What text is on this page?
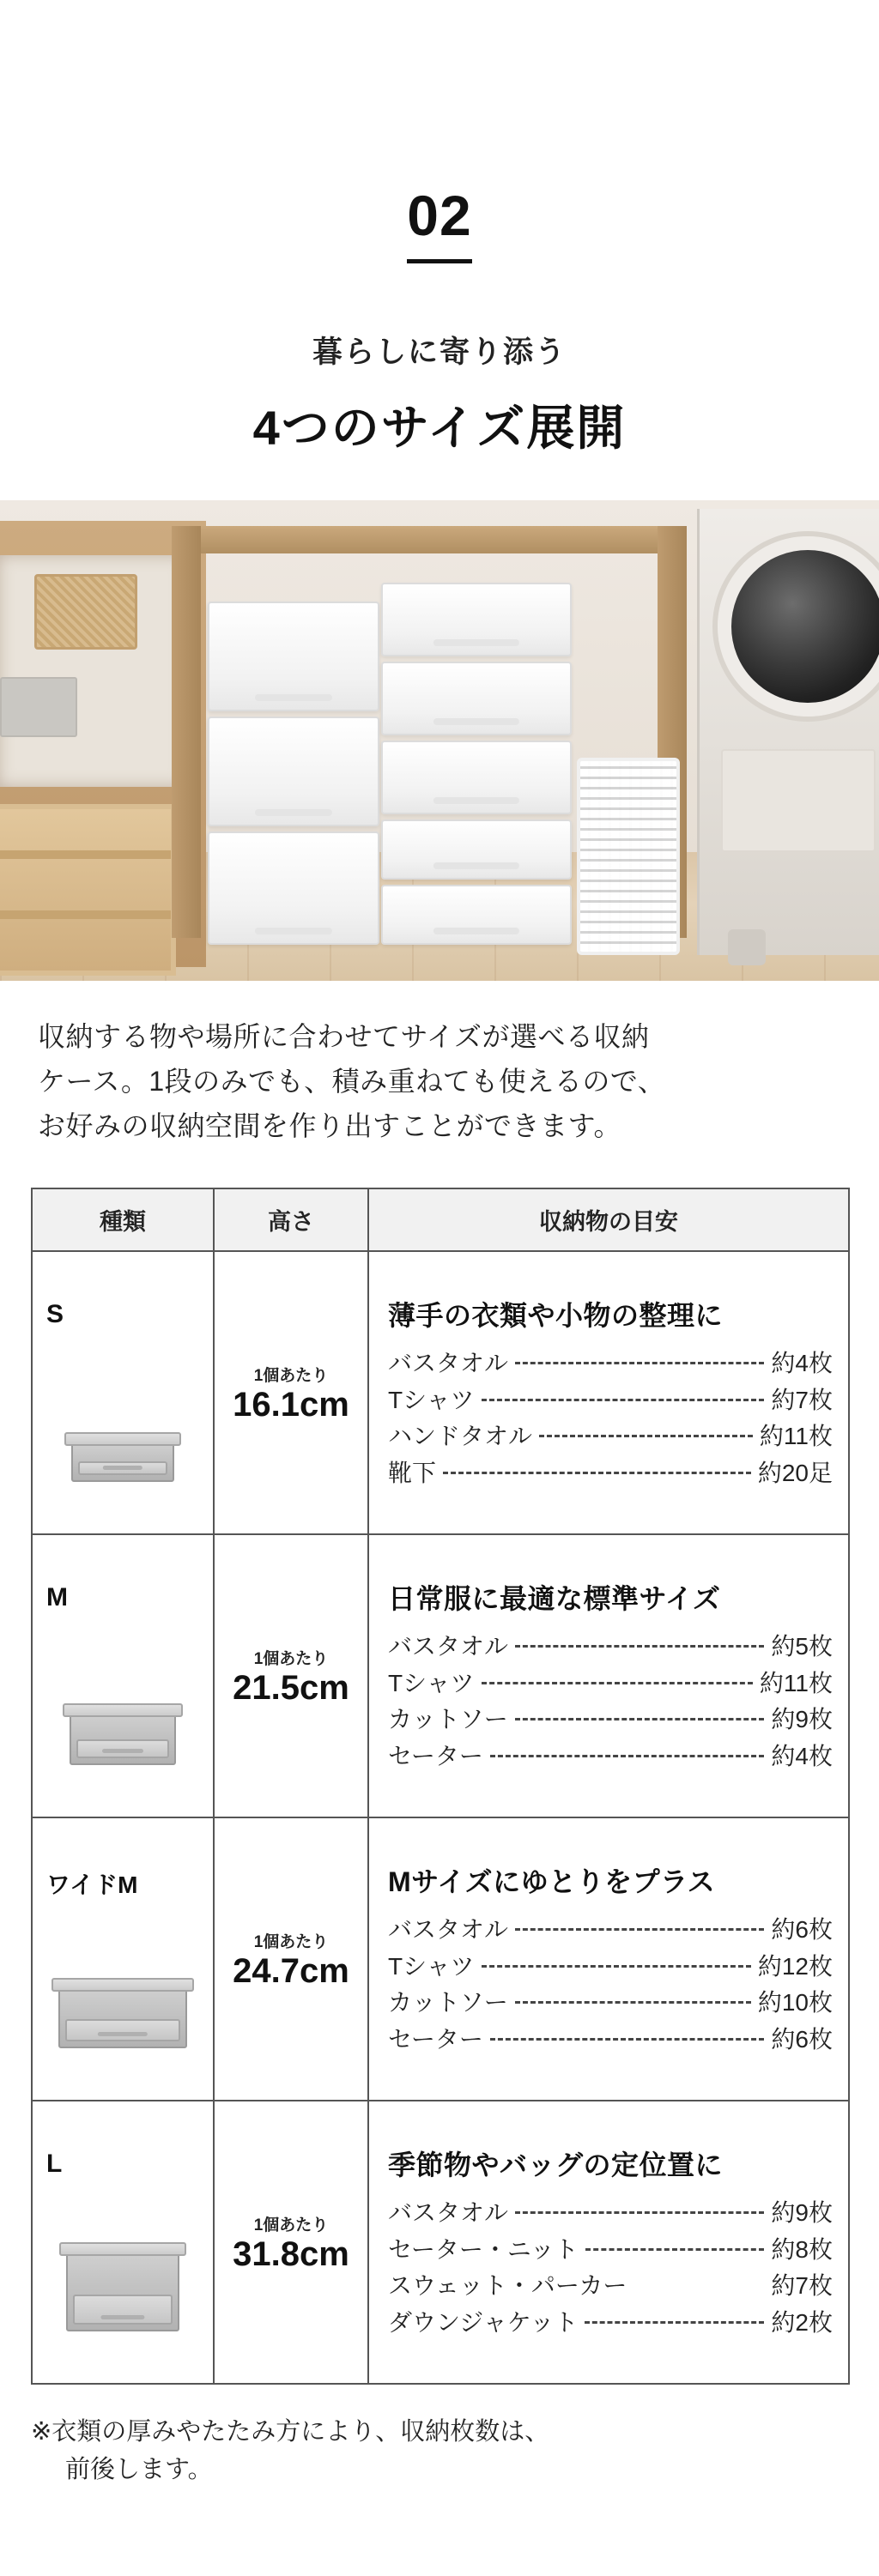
02
暮らしに寄り添う
4つのサイズ展開
収納する物や場所に合わせてサイズが選べる収納
ケース。1段のみでも、積み重ねても使えるので、
お好みの収納空間を作り出すことができます。
種類	高さ	収納物の目安

S

1個あたり
16.1cm

薄手の衣類や小物の整理に
バスタオル	約4枚
Tシャツ	約7枚
ハンドタオル	約11枚
靴下	約20足

M

1個あたり
21.5cm

日常服に最適な標準サイズ
バスタオル	約5枚
Tシャツ	約11枚
カットソー	約9枚
セーター	約4枚

ワイドM

1個あたり
24.7cm

Mサイズにゆとりをプラス
バスタオル	約6枚
Tシャツ	約12枚
カットソー	約10枚
セーター	約6枚

L

1個あたり
31.8cm

季節物やバッグの定位置に
バスタオル	約9枚
セーター・ニット	約8枚
スウェット・パーカー	約7枚
ダウンジャケット	約2枚
※衣類の厚みやたたみ方により、収納枚数は、
前後します。
